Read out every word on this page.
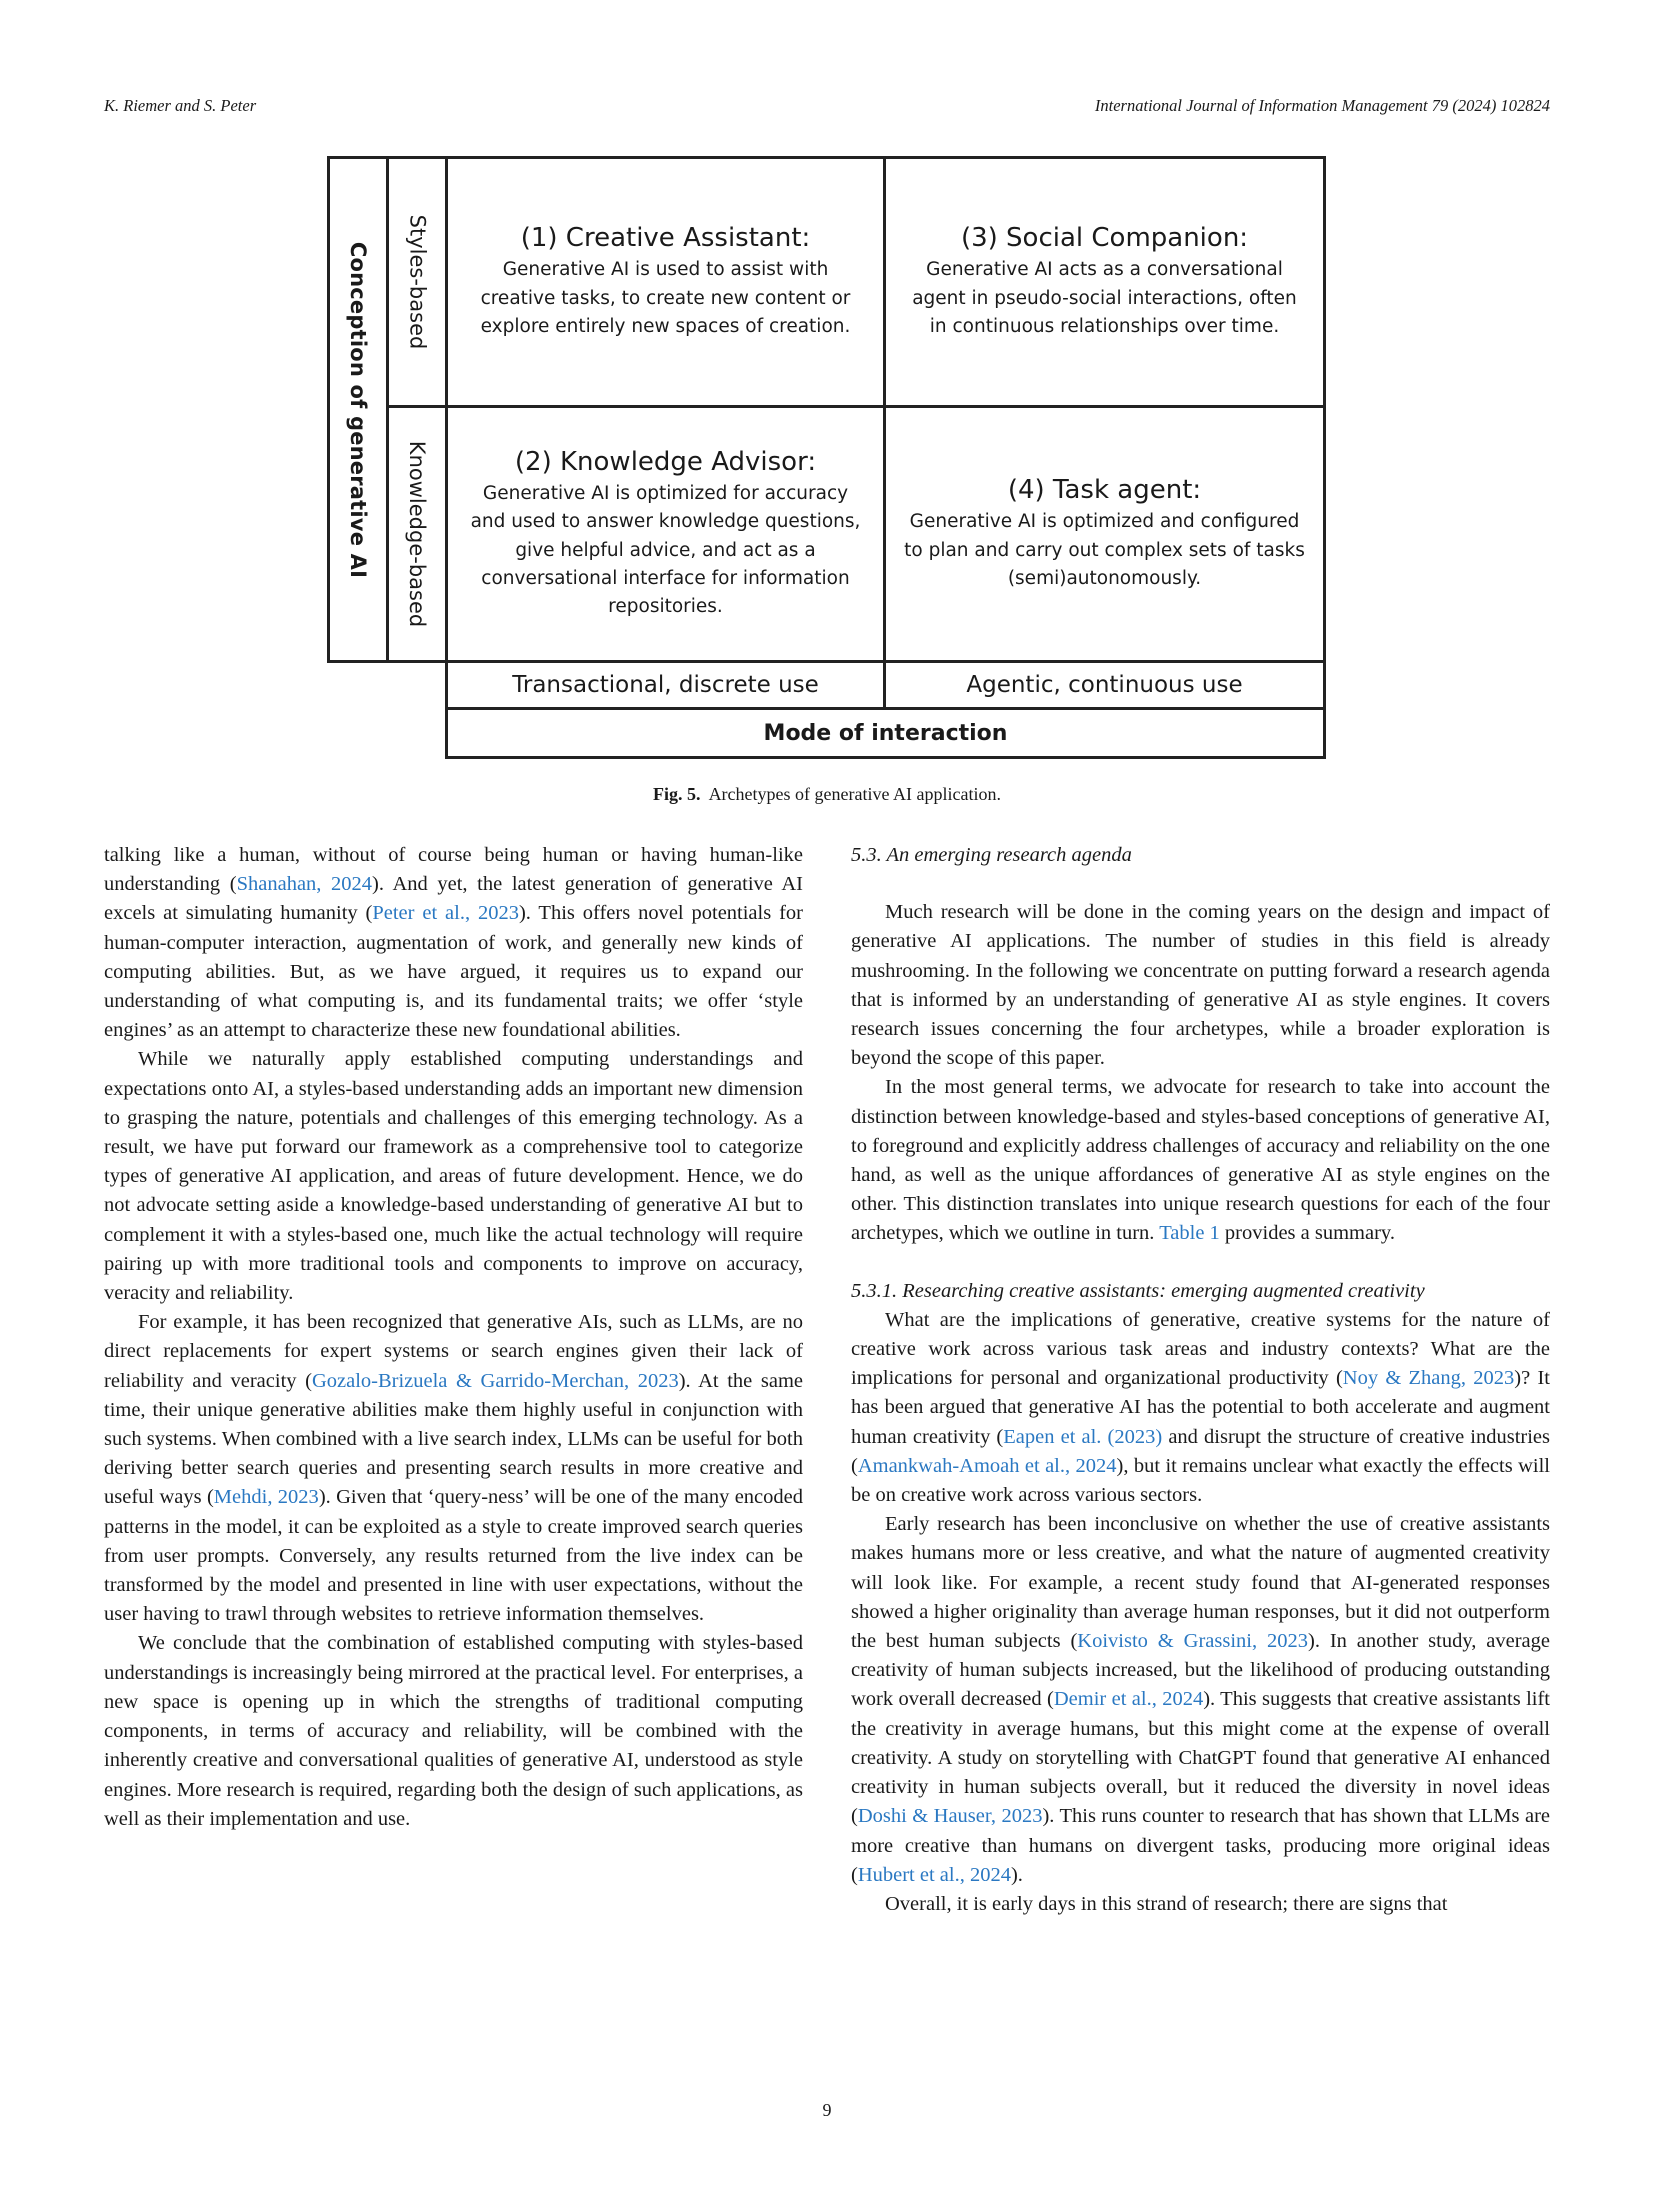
K. Riemer and S. Peter	International Journal of Information Management 79 (2024) 102824
Conception of generative AI Styles-based
Knowledge-based
(1) Creative Assistant:
Generative AI is used to assist with creative tasks, to create new content or explore entirely new spaces of creation.
(3) Social Companion:
Generative AI acts as a conversational agent in pseudo-social interactions, often in continuous relationships over time.
(2) Knowledge Advisor:
Generative AI is optimized for accuracy and used to answer knowledge questions, give helpful advice, and act as a conversational interface for information repositories.
(4) Task agent:
Generative AI is optimized and configured to plan and carry out complex sets of tasks (semi)autonomously.
Transactional, discrete use	Agentic, continuous use
Mode of interaction
Fig. 5. Archetypes of generative AI application.

talking like a human, without of course being human or having human-like understanding (Shanahan, 2024). And yet, the latest generation of generative AI excels at simulating humanity (Peter et al., 2023). This offers novel potentials for human-computer interaction, augmentation of work, and generally new kinds of computing abilities. But, as we have argued, it requires us to expand our understanding of what computing is, and its fundamental traits; we offer ‘style engines’ as an attempt to characterize these new foundational abilities.

While we naturally apply established computing understandings and expectations onto AI, a styles-based understanding adds an important new dimension to grasping the nature, potentials and challenges of this emerging technology. As a result, we have put forward our framework as a comprehensive tool to categorize types of generative AI application, and areas of future development. Hence, we do not advocate setting aside a knowledge-based understanding of generative AI but to complement it with a styles-based one, much like the actual technology will require pairing up with more traditional tools and components to improve on accuracy, veracity and reliability.

For example, it has been recognized that generative AIs, such as LLMs, are no direct replacements for expert systems or search engines given their lack of reliability and veracity (Gozalo-Brizuela & Garrido-Merchan, 2023). At the same time, their unique generative abilities make them highly useful in conjunction with such systems. When combined with a live search index, LLMs can be useful for both deriving better search queries and presenting search results in more creative and useful ways (Mehdi, 2023). Given that ‘query-ness’ will be one of the many encoded patterns in the model, it can be exploited as a style to create improved search queries from user prompts. Conversely, any results returned from the live index can be transformed by the model and presented in line with user expectations, without the user having to trawl through websites to retrieve information themselves.

We conclude that the combination of established computing with styles-based understandings is increasingly being mirrored at the practical level. For enterprises, a new space is opening up in which the strengths of traditional computing components, in terms of accuracy and reliability, will be combined with the inherently creative and conversational qualities of generative AI, understood as style engines. More research is required, regarding both the design of such applications, as well as their implementation and use.

5.3. An emerging research agenda

Much research will be done in the coming years on the design and impact of generative AI applications. The number of studies in this field is already mushrooming. In the following we concentrate on putting forward a research agenda that is informed by an understanding of generative AI as style engines. It covers research issues concerning the four archetypes, while a broader exploration is beyond the scope of this paper.

In the most general terms, we advocate for research to take into account the distinction between knowledge-based and styles-based conceptions of generative AI, to foreground and explicitly address challenges of accuracy and reliability on the one hand, as well as the unique affordances of generative AI as style engines on the other. This distinction translates into unique research questions for each of the four archetypes, which we outline in turn. Table 1 provides a summary.

5.3.1. Researching creative assistants: emerging augmented creativity

What are the implications of generative, creative systems for the nature of creative work across various task areas and industry contexts? What are the implications for personal and organizational productivity (Noy & Zhang, 2023)? It has been argued that generative AI has the potential to both accelerate and augment human creativity (Eapen et al. (2023) and disrupt the structure of creative industries (Amankwah-Amoah et al., 2024), but it remains unclear what exactly the effects will be on creative work across various sectors.

Early research has been inconclusive on whether the use of creative assistants makes humans more or less creative, and what the nature of augmented creativity will look like. For example, a recent study found that AI-generated responses showed a higher originality than average human responses, but it did not outperform the best human subjects (Koivisto & Grassini, 2023). In another study, average creativity of human subjects increased, but the likelihood of producing outstanding work overall decreased (Demir et al., 2024). This suggests that creative assistants lift the creativity in average humans, but this might come at the expense of overall creativity. A study on storytelling with ChatGPT found that generative AI enhanced creativity in human subjects overall, but it reduced the diversity in novel ideas (Doshi & Hauser, 2023). This runs counter to research that has shown that LLMs are more creative than humans on divergent tasks, producing more original ideas (Hubert et al., 2024).

Overall, it is early days in this strand of research; there are signs that

9
